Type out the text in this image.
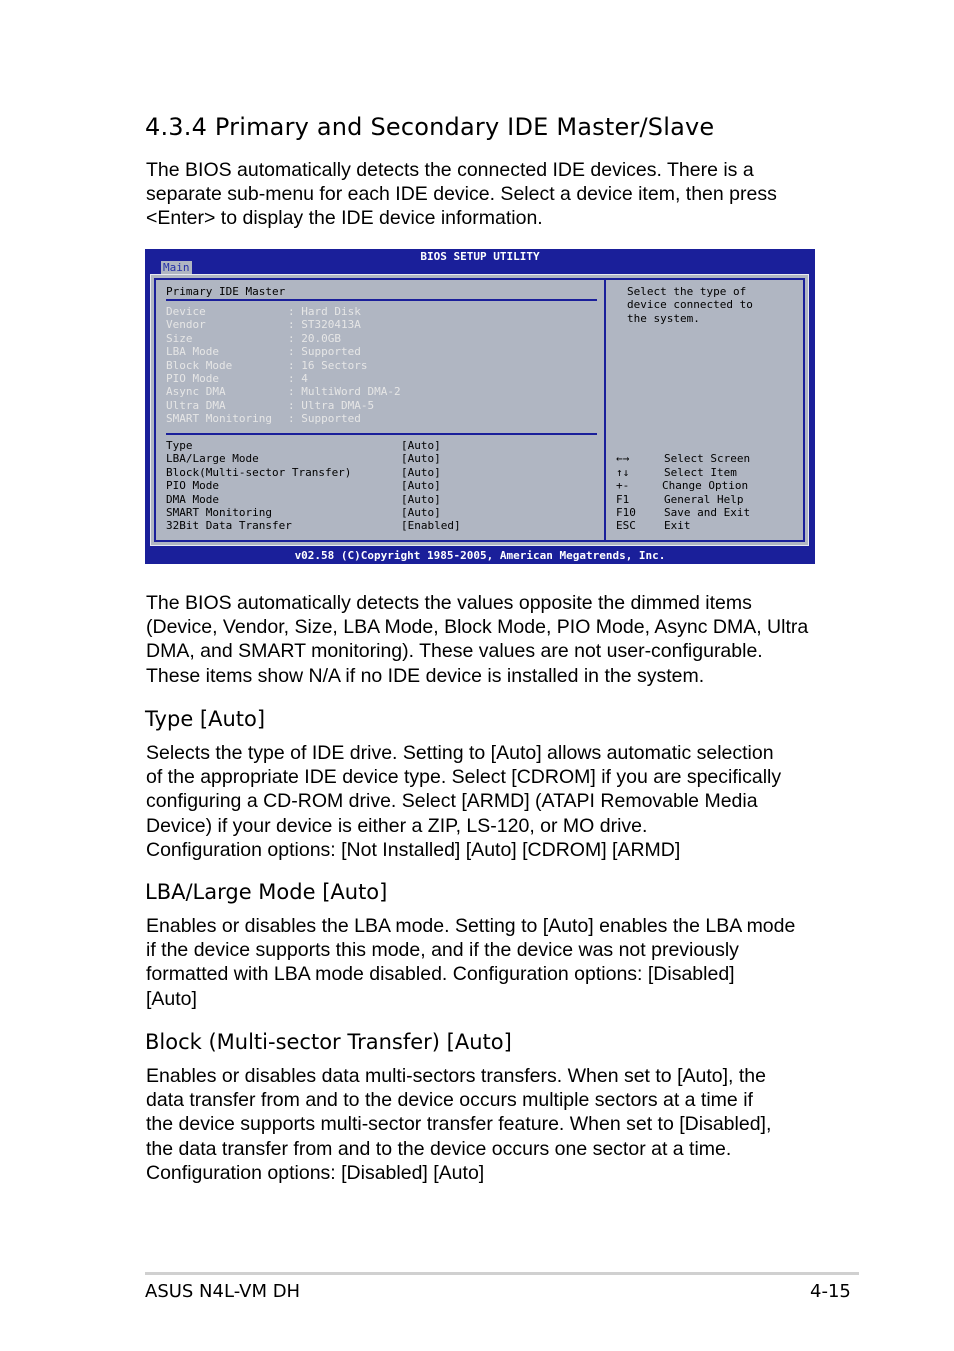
4.3.4 Primary and Secondary IDE Master/Slave
The BIOS automatically detects the connected IDE devices. There is a
separate sub-menu for each IDE device. Select a device item, then press
<Enter> to display the IDE device information.
BIOS SETUP UTILITY
Main
Primary IDE Master
Device	: Hard Disk
Vendor	: ST320413A
Size	: 20.0GB
LBA Mode	: Supported
Block Mode	: 16 Sectors
PIO Mode	: 4
Async DMA	: MultiWord DMA-2
Ultra DMA	: Ultra DMA-5
SMART Monitoring : Supported
Type	[Auto]
LBA/Large Mode	[Auto]
Block(Multi-sector Transfer)	[Auto]
PIO Mode	[Auto]
DMA Mode	[Auto]
SMART Monitoring	[Auto]
32Bit Data Transfer	[Enabled]
Select the type of
device connected to
the system.
←→	Select Screen
↑↓	Select Item
+-	Change Option
F1	General Help
F10	Save and Exit
ESC	Exit
v02.58 (C)Copyright 1985-2005, American Megatrends, Inc.
The BIOS automatically detects the values opposite the dimmed items
(Device, Vendor, Size, LBA Mode, Block Mode, PIO Mode, Async DMA, Ultra
DMA, and SMART monitoring). These values are not user-configurable.
These items show N/A if no IDE device is installed in the system.
Type [Auto]
Selects the type of IDE drive. Setting to [Auto] allows automatic selection
of the appropriate IDE device type. Select [CDROM] if you are specifically
configuring a CD-ROM drive. Select [ARMD] (ATAPI Removable Media
Device) if your device is either a ZIP, LS-120, or MO drive.
Configuration options: [Not Installed] [Auto] [CDROM] [ARMD]
LBA/Large Mode [Auto]
Enables or disables the LBA mode. Setting to [Auto] enables the LBA mode
if the device supports this mode, and if the device was not previously
formatted with LBA mode disabled. Configuration options: [Disabled]
[Auto]
Block (Multi-sector Transfer) [Auto]
Enables or disables data multi-sectors transfers. When set to [Auto], the
data transfer from and to the device occurs multiple sectors at a time if
the device supports multi-sector transfer feature. When set to [Disabled],
the data transfer from and to the device occurs one sector at a time.
Configuration options: [Disabled] [Auto]
ASUS N4L-VM DH	4-15
